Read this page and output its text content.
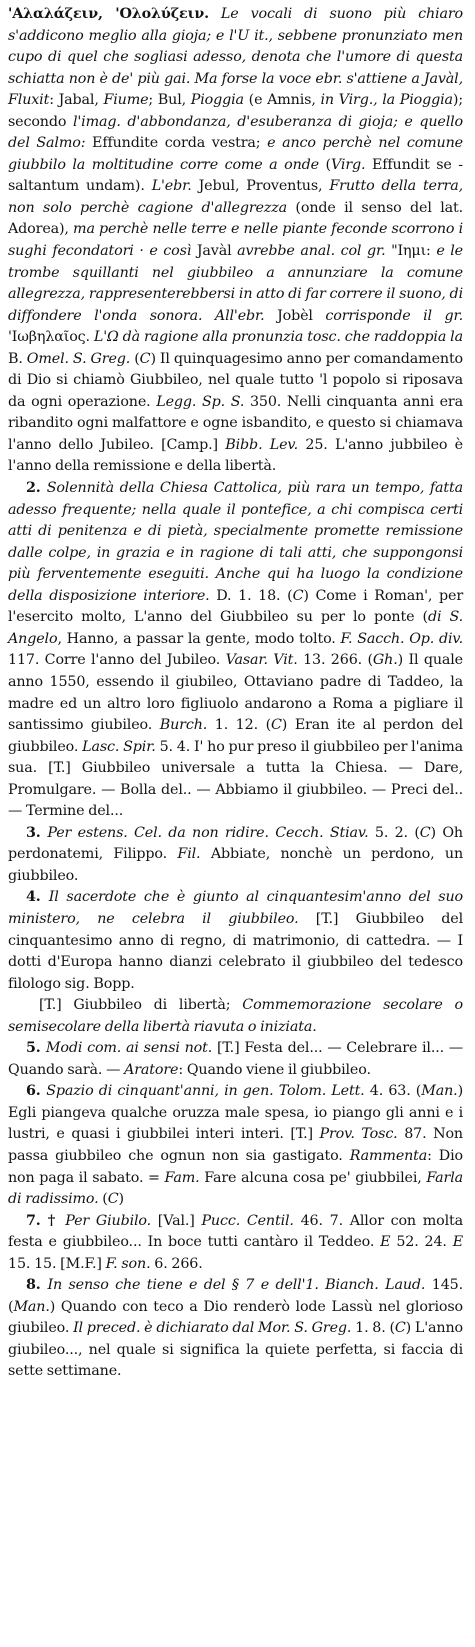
'Αλαλάζειν, 'Ολολύζειν. Le vocali di suono più chiaro s'addicono meglio alla gioja; e l'U it., sebbene pronunziato men cupo di quel che sogliasi adesso, denota che l'umore di questa schiatta non è de' più gai. Ma forse la voce ebr. s'attiene a Javàl, Fluxit: Jabal, Fiume; Bul, Pioggia (e Amnis, in Virg., la Pioggia); secondo l'imag. d'abbondanza, d'esuberanza di gioja; e quello del Salmo: Effundite corda vestra; e anco perchè nel comune giubbilo la moltitudine corre come a onde (Virg. Effundit se - saltantum undam). L'ebr. Jebul, Proventus, Frutto della terra, non solo perchè cagione d'allegrezza (onde il senso del lat. Adorea), ma perchè nelle terre e nelle piante feconde scorrono i sughi fecondatori · e così Javàl avrebbe anal. col gr. "Ιημι: e le trombe squillanti nel giubbileo a annunziare la comune allegrezza, rappresenterebbersi in atto di far correre il suono, di diffondere l'onda sonora. All'ebr. Jobèl corrisponde il gr. 'Ιωβηλαῖος. L'Ω dà ragione alla pronunzia tosc. che raddoppia la B. Omel. S. Greg. (C) Il quinquagesimo anno per comandamento di Dio si chiamò Giubbileo, nel quale tutto 'l popolo si riposava da ogni operazione. Legg. Sp. S. 350. Nelli cinquanta anni era ribandito ogni malfattore e ogne isbandito, e questo si chiamava l'anno dello Jubileo. [Camp.] Bibb. Lev. 25. L'anno jubbileo è l'anno della remissione e della libertà.

2. Solennità della Chiesa Cattolica, più rara un tempo, fatta adesso frequente; nella quale il pontefice, a chi compisca certi atti di penitenza e di pietà, specialmente promette remissione dalle colpe, in grazia e in ragione di tali atti, che suppongonsi più ferventemente eseguiti. Anche qui ha luogo la condizione della disposizione interiore. D. 1. 18. (C) Come i Roman', per l'esercito molto, L'anno del Giubbileo su per lo ponte (di S. Angelo, Hanno, a passar la gente, modo tolto. F. Sacch. Op. div. 117. Corre l'anno del Jubileo. Vasar. Vit. 13. 266. (Gh.) Il quale anno 1550, essendo il giubileo, Ottaviano padre di Taddeo, la madre ed un altro loro figliuolo andarono a Roma a pigliare il santissimo giubileo. Burch. 1. 12. (C) Eran ite al perdon del giubbileo. Lasc. Spir. 5. 4. I' ho pur preso il giubbileo per l'anima sua. [T.] Giubbileo universale a tutta la Chiesa. — Dare, Promulgare. — Bolla del.. — Abbiamo il giubbileo. — Preci del.. — Termine del...

3. Per estens. Cel. da non ridire. Cecch. Stiav. 5. 2. (C) Oh perdonatemi, Filippo. Fil. Abbiate, nonchè un perdono, un giubbileo.

4. Il sacerdote che è giunto al cinquantesim'anno del suo ministero, ne celebra il giubbileo. [T.] Giubbileo del cinquantesimo anno di regno, di matrimonio, di cattedra. — I dotti d'Europa hanno dianzi celebrato il giubbileo del tedesco filologo sig. Bopp.

[T.] Giubbileo di libertà; Commemorazione secolare o semisecolare della libertà riavuta o iniziata.

5. Modi com. ai sensi not. [T.] Festa del... — Celebrare il... — Quando sarà. — Aratore: Quando viene il giubbileo.

6. Spazio di cinquant'anni, in gen. Tolom. Lett. 4. 63. (Man.) Egli piangeva qualche oruzza male spesa, io piango gli anni e i lustri, e quasi i giubbilei interi interi. [T.] Prov. Tosc. 87. Non passa giubbileo che ognun non sia gastigato. Rammenta: Dio non paga il sabato. = Fam. Fare alcuna cosa pe' giubbilei, Farla di radissimo. (C)

7. † Per Giubilo. [Val.] Pucc. Centil. 46. 7. Allor con molta festa e giubbileo... In boce tutti cantàro il Teddeo. E 52. 24. E 15. 15. [M.F.] F. son. 6. 266.

8. In senso che tiene e del § 7 e dell'1. Bianch. Laud. 145. (Man.) Quando con teco a Dio renderò lode Lassù nel glorioso giubileo. Il preced. è dichiarato dal Mor. S. Greg. 1. 8. (C) L'anno giubileo..., nel quale si significa la quiete perfetta, si faccia di sette settimane.
